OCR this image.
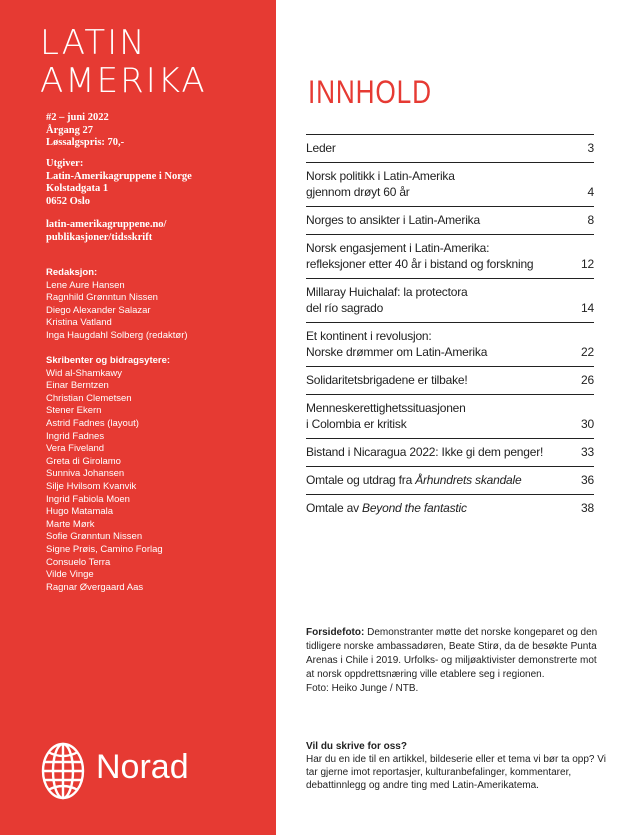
LATIN
AMERIKA
#2 – juni 2022
Årgang 27
Løssalgspris: 70,-
Utgiver:
Latin-Amerikagruppene i Norge
Kolstadgata 1
0652 Oslo
latin-amerikagruppene.no/
publikasjoner/tidsskrift
Redaksjon:
Lene Aure Hansen
Ragnhild Grønntun Nissen
Diego Alexander Salazar
Kristina Vatland
Inga Haugdahl Solberg (redaktør)
Skribenter og bidragsytere:
Wid al-Shamkawy
Einar Berntzen
Christian Clemetsen
Stener Ekern
Astrid Fadnes (layout)
Ingrid Fadnes
Vera Fiveland
Greta di Girolamo
Sunniva Johansen
Silje Hvilsom Kvanvik
Ingrid Fabiola Moen
Hugo Matamala
Marte Mørk
Sofie Grønntun Nissen
Signe Prøis, Camino Forlag
Consuelo Terra
Vilde Vinge
Ragnar Øvergaard Aas
Norad
INNHOLD
Leder	3
Norsk politikk i Latin-Amerika
gjennom drøyt 60 år	4
Norges to ansikter i Latin-Amerika	8
Norsk engasjement i Latin-Amerika:
refleksjoner etter 40 år i bistand og forskning	12
Millaray Huichalaf: la protectora
del río sagrado	14
Et kontinent i revolusjon:
Norske drømmer om Latin-Amerika	22
Solidaritetsbrigadene er tilbake!	26
Menneskerettighetssituasjonen
i Colombia er kritisk	30
Bistand i Nicaragua 2022: Ikke gi dem penger!	33
Omtale og utdrag fra Århundrets skandale	36
Omtale av Beyond the fantastic	38
Forsidefoto: Demonstranter møtte det norske kongeparet og den tidligere norske ambassadøren, Beate Stirø, da de besøkte Punta Arenas i Chile i 2019. Urfolks- og miljøaktivister demonstrerte mot at norsk oppdrettsnæring ville etablere seg i regionen.
Foto: Heiko Junge / NTB.
Vil du skrive for oss?
Har du en ide til en artikkel, bildeserie eller et tema vi bør ta opp? Vi tar gjerne imot reportasjer, kulturanbefalinger, kommentarer, debattinnlegg og andre ting med Latin-Amerikatema.
